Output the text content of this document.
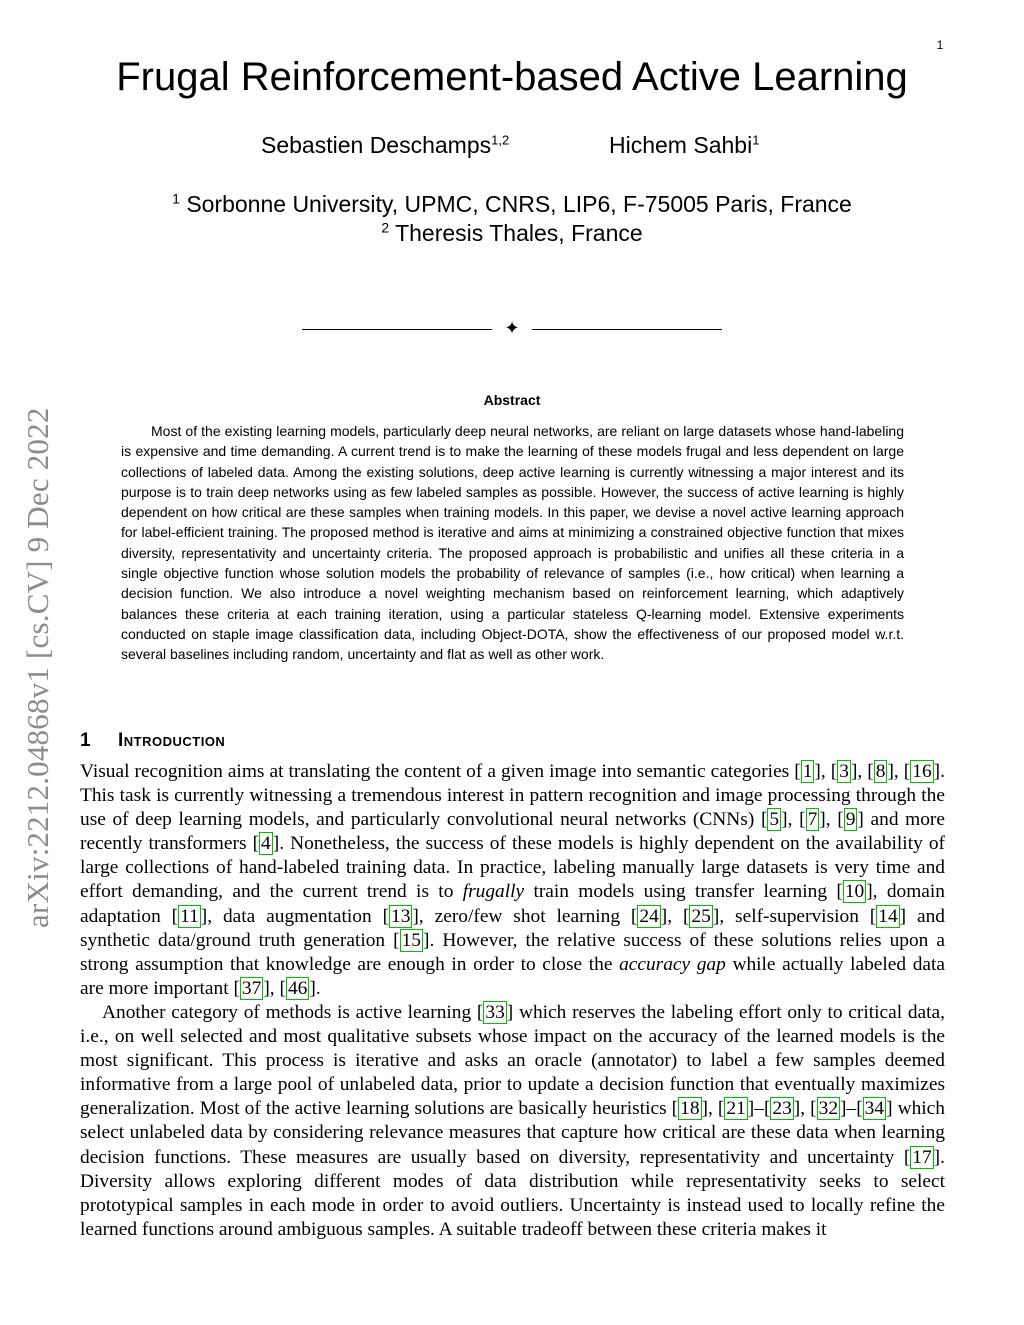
1
arXiv:2212.04868v1 [cs.CV] 9 Dec 2022
Frugal Reinforcement-based Active Learning
Sebastien Deschamps$^{1,2}$	Hichem Sahbi$^1$
$^1$ Sorbonne University, UPMC, CNRS, LIP6, F-75005 Paris, France
$^2$ Theresis Thales, France
✦
Abstract

Most of the existing learning models, particularly deep neural networks, are reliant on large datasets whose hand-labeling is expensive and time demanding. A current trend is to make the learning of these models frugal and less dependent on large collections of labeled data. Among the existing solutions, deep active learning is currently witnessing a major interest and its purpose is to train deep networks using as few labeled samples as possible. However, the success of active learning is highly dependent on how critical are these samples when training models. In this paper, we devise a novel active learning approach for label-efficient training. The proposed method is iterative and aims at minimizing a constrained objective function that mixes diversity, representativity and uncertainty criteria. The proposed approach is probabilistic and unifies all these criteria in a single objective function whose solution models the probability of relevance of samples (i.e., how critical) when learning a decision function. We also introduce a novel weighting mechanism based on reinforcement learning, which adaptively balances these criteria at each training iteration, using a particular stateless Q-learning model. Extensive experiments conducted on staple image classification data, including Object-DOTA, show the effectiveness of our proposed model w.r.t. several baselines including random, uncertainty and flat as well as other work.

1 Introduction

Visual recognition aims at translating the content of a given image into semantic categories [ 1 ], [ 3 ], [ 8 ], [ 16 ]. This task is currently witnessing a tremendous interest in pattern recognition and image processing through the use of deep learning models, and particularly convolutional neural networks (CNNs) [ 5 ], [ 7 ], [ 9 ] and more recently transformers [ 4 ]. Nonetheless, the success of these models is highly dependent on the availability of large collections of hand-labeled training data. In practice, labeling manually large datasets is very time and effort demanding, and the current trend is to frugally train models using transfer learning [ 10 ], domain adaptation [ 11 ], data augmentation [ 13 ], zero/few shot learning [ 24 ], [ 25 ], self-supervision [ 14 ] and synthetic data/ground truth generation [ 15 ]. However, the relative success of these solutions relies upon a strong assumption that knowledge are enough in order to close the accuracy gap while actually labeled data are more important [ 37 ], [ 46 ].

Another category of methods is active learning [ 33 ] which reserves the labeling effort only to critical data, i.e., on well selected and most qualitative subsets whose impact on the accuracy of the learned models is the most significant. This process is iterative and asks an oracle (annotator) to label a few samples deemed informative from a large pool of unlabeled data, prior to update a decision function that eventually maximizes generalization. Most of the active learning solutions are basically heuristics [ 18 ], [ 21 ]–[ 23 ], [ 32 ]–[ 34 ] which select unlabeled data by considering relevance measures that capture how critical are these data when learning decision functions. These measures are usually based on diversity, representativity and uncertainty [ 17 ]. Diversity allows exploring different modes of data distribution while representativity seeks to select prototypical samples in each mode in order to avoid outliers. Uncertainty is instead used to locally refine the learned functions around ambiguous samples. A suitable tradeoff between these criteria makes it
